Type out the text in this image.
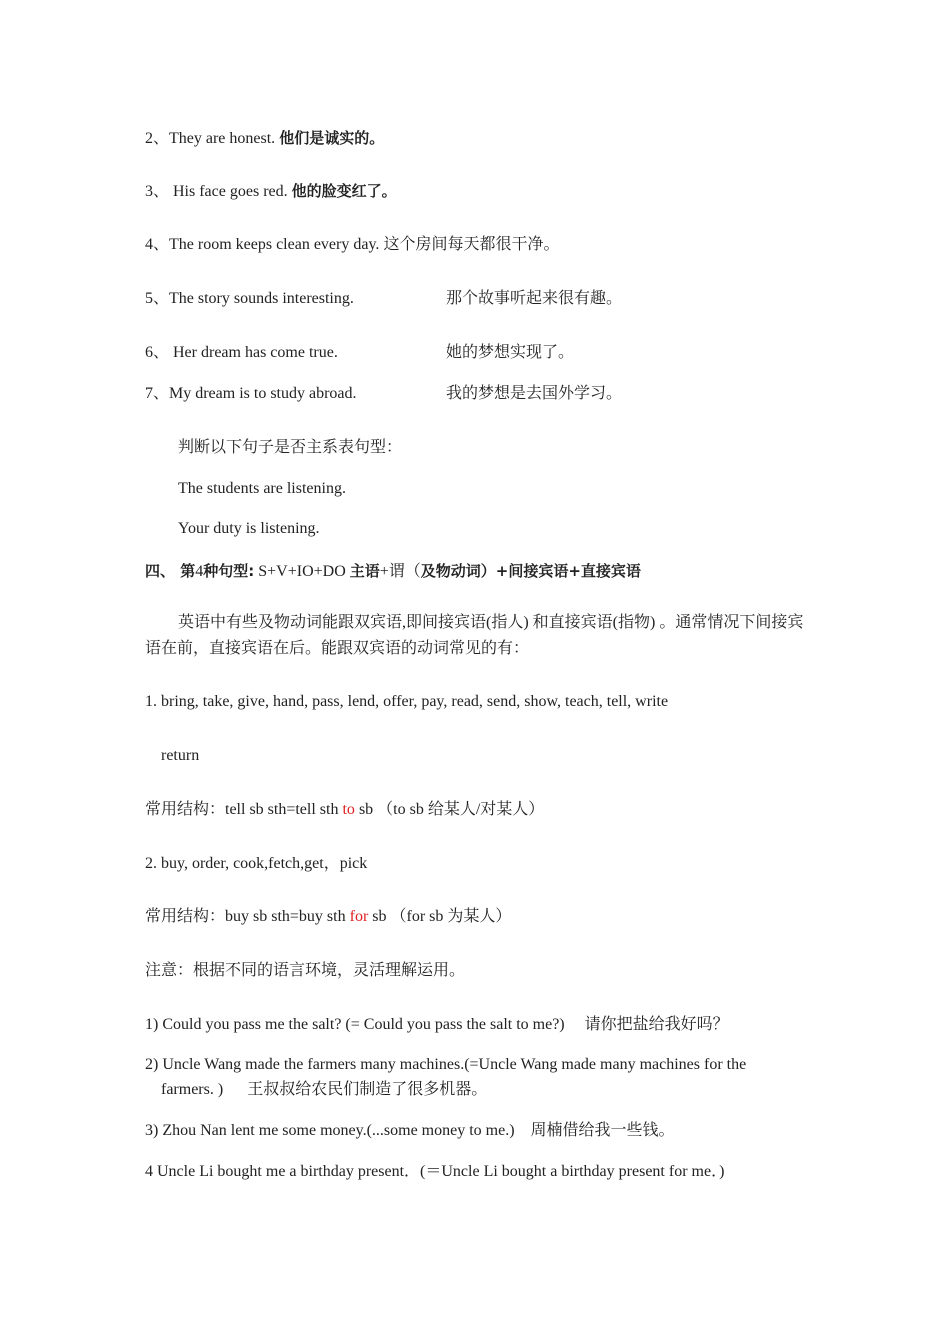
2、They are honest. 他们是诚实的。
3、 His face goes red. 他的脸变红了。
4、The room keeps clean every day. 这个房间每天都很干净。
5、The story sounds interesting.	那个故事听起来很有趣。
6、 Her dream has come true.	她的梦想实现了。
7、My dream is to study abroad.	我的梦想是去国外学习。
判断以下句子是否主系表句型：
The students are listening.
Your duty is listening.
四、 第4种句型: S+V+IO+DO 主语+谓（及物动词）+间接宾语+直接宾语
英语中有些及物动词能跟双宾语,即间接宾语(指人) 和直接宾语(指物) 。通常情况下间接宾语在前，直接宾语在后。能跟双宾语的动词常见的有：
1. bring, take, give, hand, pass, lend, offer, pay, read, send, show, teach, tell, write
return
常用结构：tell sb sth=tell sth to sb （to sb 给某人/对某人）
2. buy, order, cook,fetch,get，pick
常用结构：buy sb sth=buy sth for sb （for sb 为某人）
注意：根据不同的语言环境，灵活理解运用。
1) Could you pass me the salt? (= Could you pass the salt to me?)     请你把盐给我好吗？
2) Uncle Wang made the farmers many machines.(=Uncle Wang made many machines for the farmers. )      王叔叔给农民们制造了很多机器。
3) Zhou Nan lent me some money.(...some money to me.)    周楠借给我一些钱。
4 Uncle Li bought me a birthday present．(＝Uncle Li bought a birthday present for me．)
